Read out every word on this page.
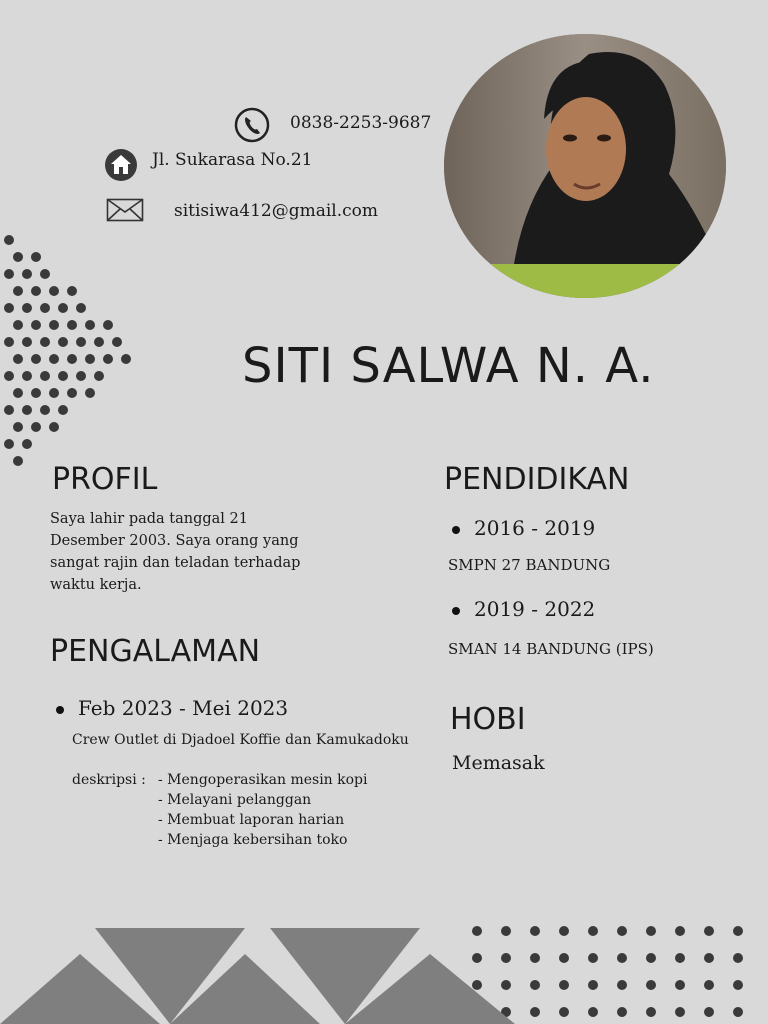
0838-2253-9687
Jl. Sukarasa No.21
sitisiwa412@gmail.com
SITI SALWA N. A.
PROFIL
Saya lahir pada tanggal 21 Desember 2003. Saya orang yang sangat rajin dan teladan terhadap waktu kerja.
PENGALAMAN
Feb 2023 - Mei 2023
Crew Outlet di Djadoel Koffie dan Kamukadoku
deskripsi : - Mengoperasikan mesin kopi
- Melayani pelanggan
- Membuat laporan harian
- Menjaga kebersihan toko
PENDIDIKAN
2016 - 2019
SMPN 27 BANDUNG
2019 - 2022
SMAN 14 BANDUNG (IPS)
HOBI
Memasak
